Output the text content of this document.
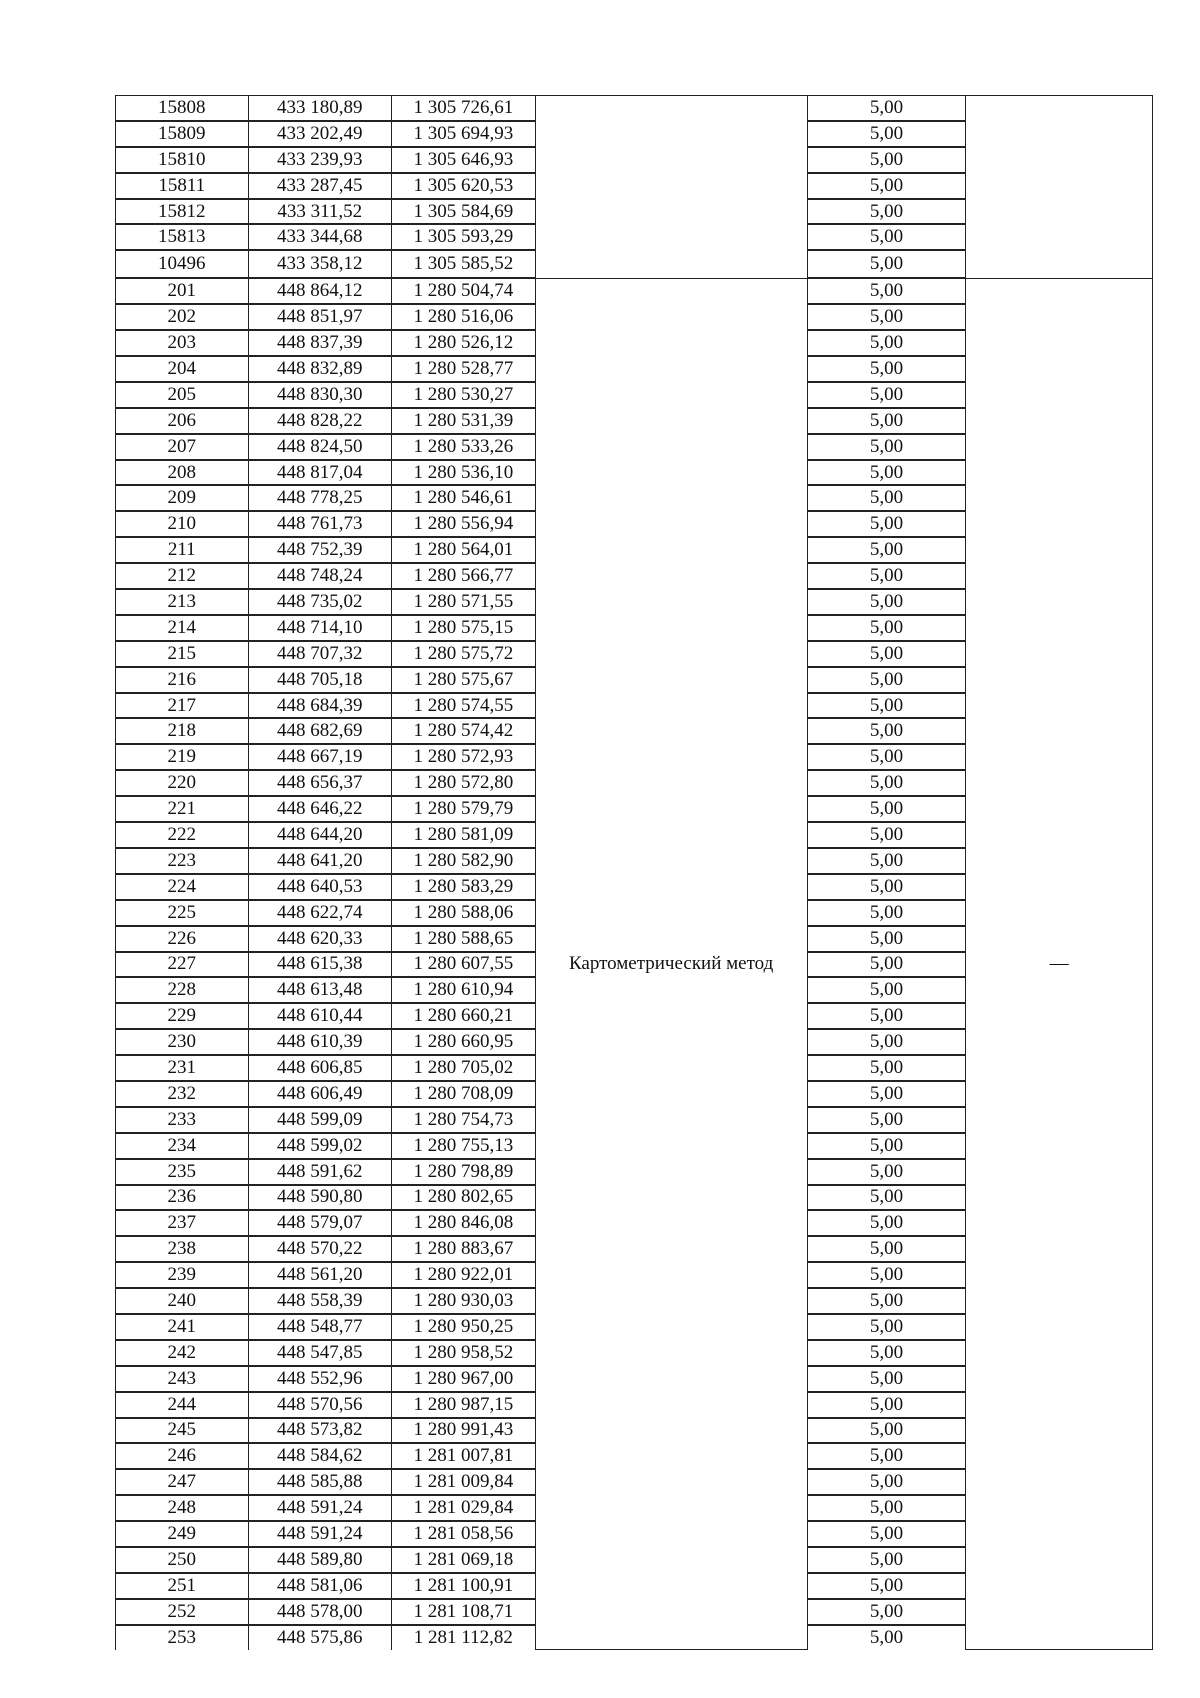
15808	433 180,89	1 305 726,61		5,00	
15809	433 202,49	1 305 694,93		5,00	
15810	433 239,93	1 305 646,93		5,00	
15811	433 287,45	1 305 620,53		5,00	
15812	433 311,52	1 305 584,69		5,00	
15813	433 344,68	1 305 593,29		5,00	
10496	433 358,12	1 305 585,52		5,00	
201	448 864,12	1 280 504,74	Картометрический метод	5,00	—
202	448 851,97	1 280 516,06		5,00	
203	448 837,39	1 280 526,12		5,00	
204	448 832,89	1 280 528,77		5,00	
205	448 830,30	1 280 530,27		5,00	
206	448 828,22	1 280 531,39		5,00	
207	448 824,50	1 280 533,26		5,00	
208	448 817,04	1 280 536,10		5,00	
209	448 778,25	1 280 546,61		5,00	
210	448 761,73	1 280 556,94		5,00	
211	448 752,39	1 280 564,01		5,00	
212	448 748,24	1 280 566,77		5,00	
213	448 735,02	1 280 571,55		5,00	
214	448 714,10	1 280 575,15		5,00	
215	448 707,32	1 280 575,72		5,00	
216	448 705,18	1 280 575,67		5,00	
217	448 684,39	1 280 574,55		5,00	
218	448 682,69	1 280 574,42		5,00	
219	448 667,19	1 280 572,93		5,00	
220	448 656,37	1 280 572,80		5,00	
221	448 646,22	1 280 579,79		5,00	
222	448 644,20	1 280 581,09		5,00	
223	448 641,20	1 280 582,90		5,00	
224	448 640,53	1 280 583,29		5,00	
225	448 622,74	1 280 588,06		5,00	
226	448 620,33	1 280 588,65		5,00	
227	448 615,38	1 280 607,55		5,00	
228	448 613,48	1 280 610,94		5,00	
229	448 610,44	1 280 660,21		5,00	
230	448 610,39	1 280 660,95		5,00	
231	448 606,85	1 280 705,02		5,00	
232	448 606,49	1 280 708,09		5,00	
233	448 599,09	1 280 754,73		5,00	
234	448 599,02	1 280 755,13		5,00	
235	448 591,62	1 280 798,89		5,00	
236	448 590,80	1 280 802,65		5,00	
237	448 579,07	1 280 846,08		5,00	
238	448 570,22	1 280 883,67		5,00	
239	448 561,20	1 280 922,01		5,00	
240	448 558,39	1 280 930,03		5,00	
241	448 548,77	1 280 950,25		5,00	
242	448 547,85	1 280 958,52		5,00	
243	448 552,96	1 280 967,00		5,00	
244	448 570,56	1 280 987,15		5,00	
245	448 573,82	1 280 991,43		5,00	
246	448 584,62	1 281 007,81		5,00	
247	448 585,88	1 281 009,84		5,00	
248	448 591,24	1 281 029,84		5,00	
249	448 591,24	1 281 058,56		5,00	
250	448 589,80	1 281 069,18		5,00	
251	448 581,06	1 281 100,91		5,00	
252	448 578,00	1 281 108,71		5,00	
253	448 575,86	1 281 112,82		5,00	
